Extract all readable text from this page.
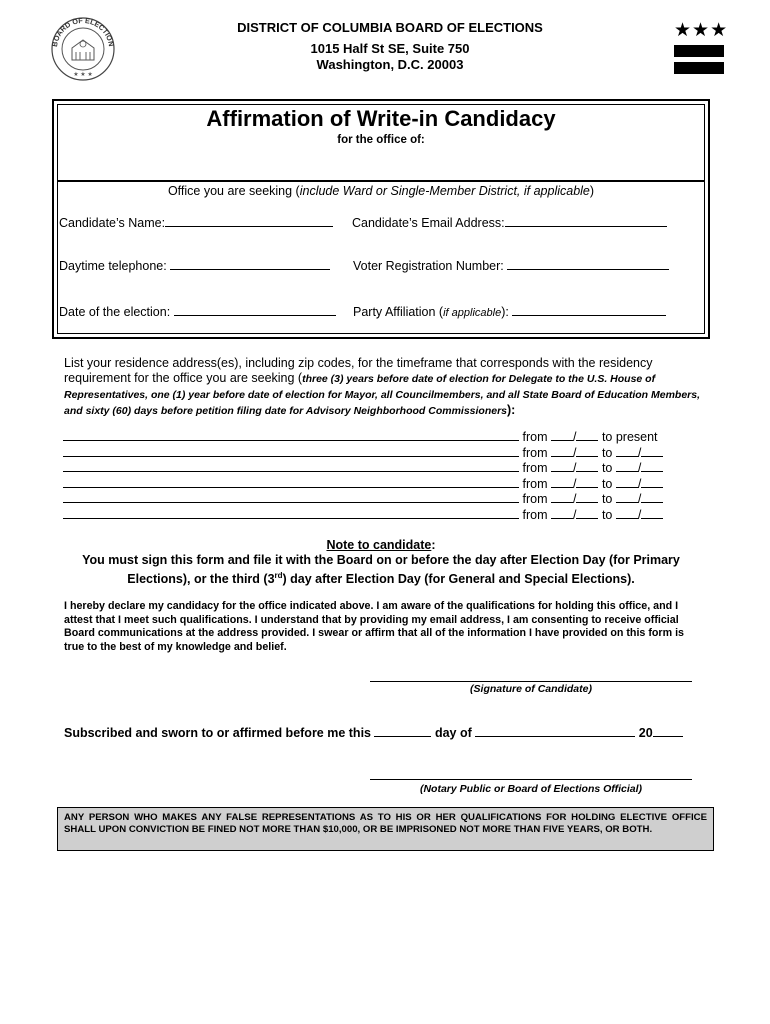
BOARD OF ELECTION
★ ★ ★
DISTRICT OF COLUMBIA BOARD OF ELECTIONS
1015 Half St SE, Suite 750
Washington, D.C. 20003
★★★
Affirmation of Write-in Candidacy
for the office of:
Office you are seeking (include Ward or Single-Member District, if applicable)
Candidate’s Name:	Candidate’s Email Address:
Daytime telephone:	Voter Registration Number:
Date of the election:	Party Affiliation (if applicable):
List your residence address(es), including zip codes, for the timeframe that corresponds with the residency requirement for the office you are seeking (three (3) years before date of election for Delegate to the U.S. House of Representatives, one (1) year before date of election for Mayor, all Councilmembers, and all State Board of Education Members, and sixty (60) days before petition filing date for Advisory Neighborhood Commissioners):
from / to present
from / to /
from / to /
from / to /
from / to /
from / to /
Note to candidate:
You must sign this form and file it with the Board on or before the day after Election Day (for Primary
Elections), or the third (3rd) day after Election Day (for General and Special Elections).
I hereby declare my candidacy for the office indicated above. I am aware of the qualifications for holding this office, and I attest that I meet such qualifications. I understand that by providing my email address, I am consenting to receive official Board communications at the address provided. I swear or affirm that all of the information I have provided on this form is true to the best of my knowledge and belief.
(Signature of Candidate)
Subscribed and sworn to or affirmed before me this	day of	20
(Notary Public or Board of Elections Official)
ANY PERSON WHO MAKES ANY FALSE REPRESENTATIONS AS TO HIS OR HER QUALIFICATIONS FOR HOLDING ELECTIVE OFFICE SHALL UPON CONVICTION BE FINED NOT MORE THAN $10,000, OR BE IMPRISONED NOT MORE THAN FIVE YEARS, OR BOTH.
